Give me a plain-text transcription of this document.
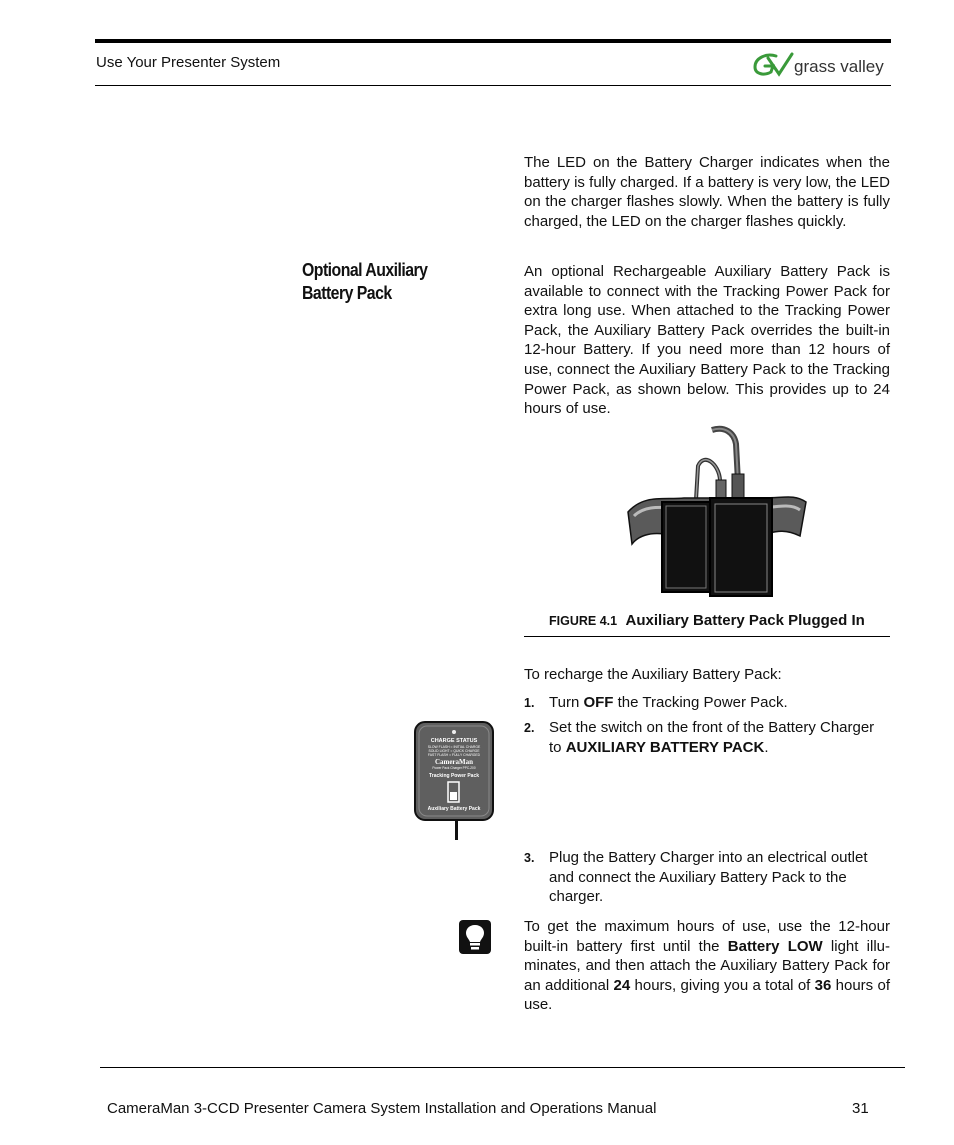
Use Your Presenter System	grass valley
The LED on the Battery Charger indicates when the battery is fully charged. If a battery is very low, the LED on the charger flashes slowly. When the battery is fully charged, the LED on the charger flashes quickly.
Optional Auxiliary
Battery Pack
An optional Rechargeable Auxiliary Battery Pack is available to connect with the Tracking Power Pack for extra long use. When attached to the Tracking Power Pack, the Auxiliary Battery Pack overrides the built-in 12-hour Battery. If you need more than 12 hours of use, connect the Auxiliary Battery Pack to the Tracking Power Pack, as shown below. This provides up to 24 hours of use.
FIGURE 4.1 Auxiliary Battery Pack Plugged In
To recharge the Auxiliary Battery Pack:
1. Turn OFF the Tracking Power Pack.
2. Set the switch on the front of the Battery Charger to AUXILIARY BATTERY PACK.
CHARGE STATUS
SLOW FLASH = INITIAL CHARGE
SOLID LIGHT = QUICK CHARGE
FAST FLASH = FULLY CHARGED
CameraMan
Power Pack Charger PPC-200
Tracking Power Pack
Auxiliary Battery Pack
3. Plug the Battery Charger into an electrical outlet and connect the Auxiliary Battery Pack to the charger.
To get the maximum hours of use, use the 12-hour built-in battery first until the Battery LOW light illu-minates, and then attach the Auxiliary Battery Pack for an additional 24 hours, giving you a total of 36 hours of use.
CameraMan 3-CCD Presenter Camera System Installation and Operations Manual	31
